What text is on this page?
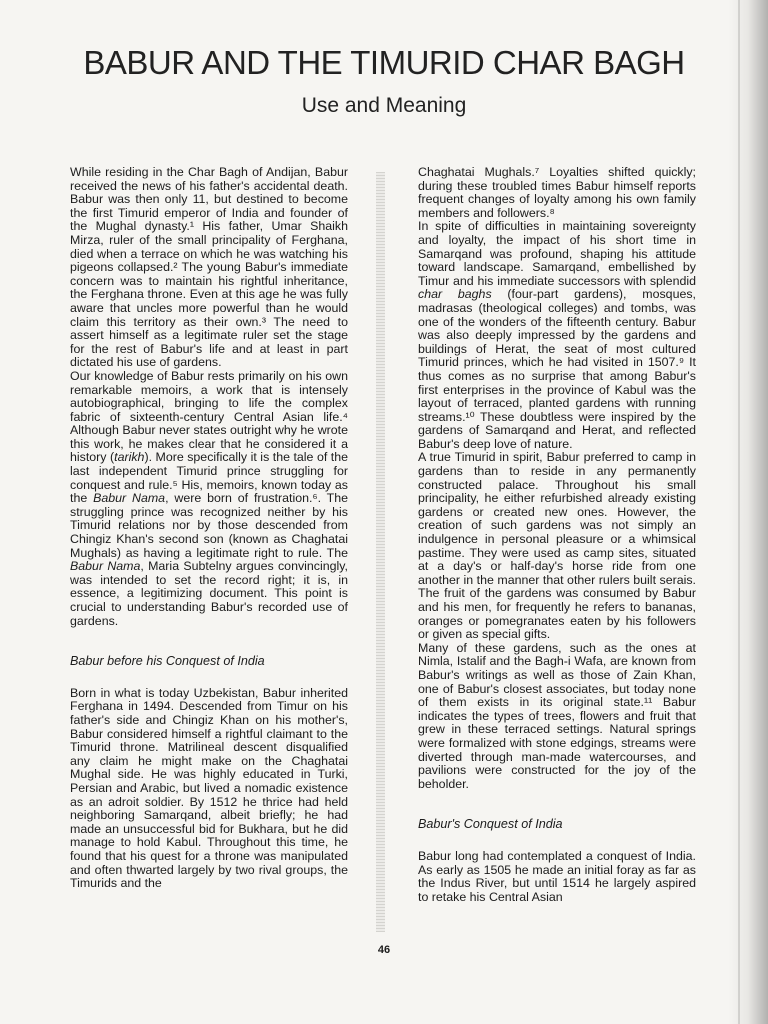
BABUR AND THE TIMURID CHAR BAGH
Use and Meaning

While residing in the Char Bagh of Andijan, Babur received the news of his father's accidental death. Babur was then only 11, but destined to become the first Timurid emperor of India and founder of the Mughal dynasty.¹ His father, Umar Shaikh Mirza, ruler of the small principality of Ferghana, died when a terrace on which he was watching his pigeons collapsed.² The young Babur's immediate concern was to maintain his rightful inheritance, the Ferghana throne. Even at this age he was fully aware that uncles more powerful than he would claim this territory as their own.³ The need to assert himself as a legitimate ruler set the stage for the rest of Babur's life and at least in part dictated his use of gardens.

Our knowledge of Babur rests primarily on his own remarkable memoirs, a work that is intensely autobiographical, bringing to life the complex fabric of sixteenth-century Central Asian life.⁴ Although Babur never states outright why he wrote this work, he makes clear that he considered it a history (tarikh). More specifically it is the tale of the last independent Timurid prince struggling for conquest and rule.⁵ His, memoirs, known today as the Babur Nama, were born of frustration.⁶. The struggling prince was recognized neither by his Timurid relations nor by those descended from Chingiz Khan's second son (known as Chaghatai Mughals) as having a legitimate right to rule. The Babur Nama, Maria Subtelny argues convincingly, was intended to set the record right; it is, in essence, a legitimizing document. This point is crucial to understanding Babur's recorded use of gardens.

Babur before his Conquest of India

Born in what is today Uzbekistan, Babur inherited Ferghana in 1494. Descended from Timur on his father's side and Chingiz Khan on his mother's, Babur considered himself a rightful claimant to the Timurid throne. Matrilineal descent disqualified any claim he might make on the Chaghatai Mughal side. He was highly educated in Turki, Persian and Arabic, but lived a nomadic existence as an adroit soldier. By 1512 he thrice had held neighboring Samarqand, albeit briefly; he had made an unsuccessful bid for Bukhara, but he did manage to hold Kabul. Throughout this time, he found that his quest for a throne was manipulated and often thwarted largely by two rival groups, the Timurids and the

Chaghatai Mughals.⁷ Loyalties shifted quickly; during these troubled times Babur himself reports frequent changes of loyalty among his own family members and followers.⁸

In spite of difficulties in maintaining sovereignty and loyalty, the impact of his short time in Samarqand was profound, shaping his attitude toward landscape. Samarqand, embellished by Timur and his immediate successors with splendid char baghs (four-part gardens), mosques, madrasas (theological colleges) and tombs, was one of the wonders of the fifteenth century. Babur was also deeply impressed by the gardens and buildings of Herat, the seat of most cultured Timurid princes, which he had visited in 1507.⁹ It thus comes as no surprise that among Babur's first enterprises in the province of Kabul was the layout of terraced, planted gardens with running streams.¹⁰ These doubtless were inspired by the gardens of Samarqand and Herat, and reflected Babur's deep love of nature.

A true Timurid in spirit, Babur preferred to camp in gardens than to reside in any permanently constructed palace. Throughout his small principality, he either refurbished already existing gardens or created new ones. However, the creation of such gardens was not simply an indulgence in personal pleasure or a whimsical pastime. They were used as camp sites, situated at a day's or half-day's horse ride from one another in the manner that other rulers built serais. The fruit of the gardens was consumed by Babur and his men, for frequently he refers to bananas, oranges or pomegranates eaten by his followers or given as special gifts.

Many of these gardens, such as the ones at Nimla, Istalif and the Bagh-i Wafa, are known from Babur's writings as well as those of Zain Khan, one of Babur's closest associates, but today none of them exists in its original state.¹¹ Babur indicates the types of trees, flowers and fruit that grew in these terraced settings. Natural springs were formalized with stone edgings, streams were diverted through man-made watercourses, and pavilions were constructed for the joy of the beholder.

Babur's Conquest of India

Babur long had contemplated a conquest of India. As early as 1505 he made an initial foray as far as the Indus River, but until 1514 he largely aspired to retake his Central Asian

46
